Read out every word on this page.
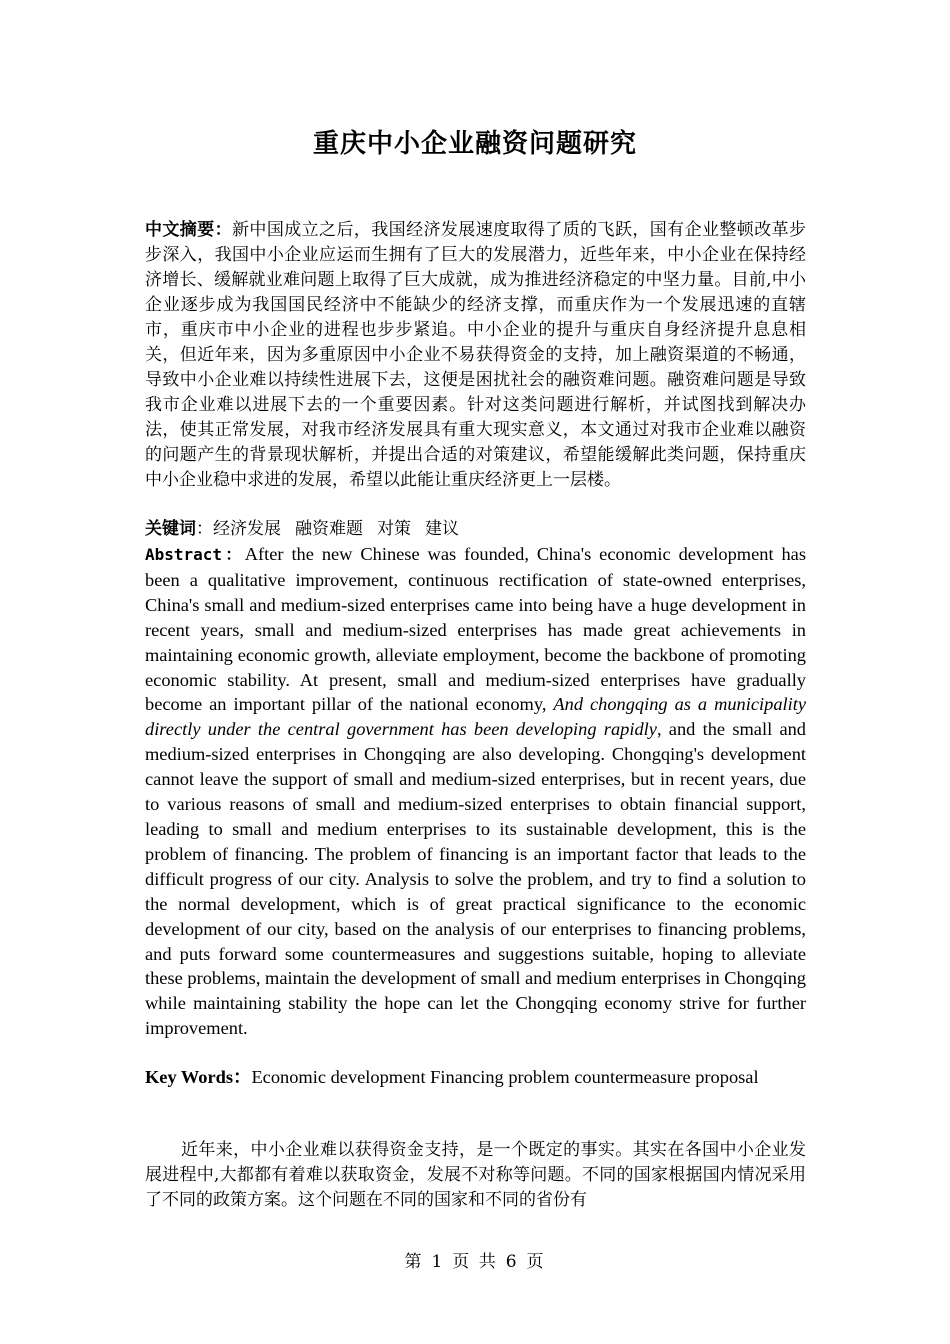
重庆中小企业融资问题研究
中文摘要：新中国成立之后，我国经济发展速度取得了质的飞跃，国有企业整顿改革步步深入，我国中小企业应运而生拥有了巨大的发展潜力，近些年来，中小企业在保持经济增长、缓解就业难问题上取得了巨大成就，成为推进经济稳定的中坚力量。目前,中小企业逐步成为我国国民经济中不能缺少的经济支撑，而重庆作为一个发展迅速的直辖市，重庆市中小企业的进程也步步紧追。中小企业的提升与重庆自身经济提升息息相关，但近年来，因为多重原因中小企业不易获得资金的支持，加上融资渠道的不畅通，导致中小企业难以持续性进展下去，这便是困扰社会的融资难问题。融资难问题是导致我市企业难以进展下去的一个重要因素。针对这类问题进行解析，并试图找到解决办法，使其正常发展，对我市经济发展具有重大现实意义，本文通过对我市企业难以融资的问题产生的背景现状解析，并提出合适的对策建议，希望能缓解此类问题，保持重庆中小企业稳中求进的发展，希望以此能让重庆经济更上一层楼。
关键词：经济发展 融资难题 对策 建议
Abstract：After the new Chinese was founded, China's economic development has been a qualitative improvement, continuous rectification of state-owned enterprises, China's small and medium-sized enterprises came into being have a huge development in recent years, small and medium-sized enterprises has made great achievements in maintaining economic growth, alleviate employment, become the backbone of promoting economic stability. At present, small and medium-sized enterprises have gradually become an important pillar of the national economy, And chongqing as a municipality directly under the central government has been developing rapidly, and the small and medium-sized enterprises in Chongqing are also developing. Chongqing's development cannot leave the support of small and medium-sized enterprises, but in recent years, due to various reasons of small and medium-sized enterprises to obtain financial support, leading to small and medium enterprises to its sustainable development, this is the problem of financing. The problem of financing is an important factor that leads to the difficult progress of our city. Analysis to solve the problem, and try to find a solution to the normal development, which is of great practical significance to the economic development of our city, based on the analysis of our enterprises to financing problems, and puts forward some countermeasures and suggestions suitable, hoping to alleviate these problems, maintain the development of small and medium enterprises in Chongqing while maintaining stability the hope can let the Chongqing economy strive for further improvement.
Key Words：Economic development Financing problem countermeasure proposal
近年来，中小企业难以获得资金支持，是一个既定的事实。其实在各国中小企业发展进程中,大都都有着难以获取资金，发展不对称等问题。不同的国家根据国内情况采用了不同的政策方案。这个问题在不同的国家和不同的省份有
第 1 页 共 6 页
